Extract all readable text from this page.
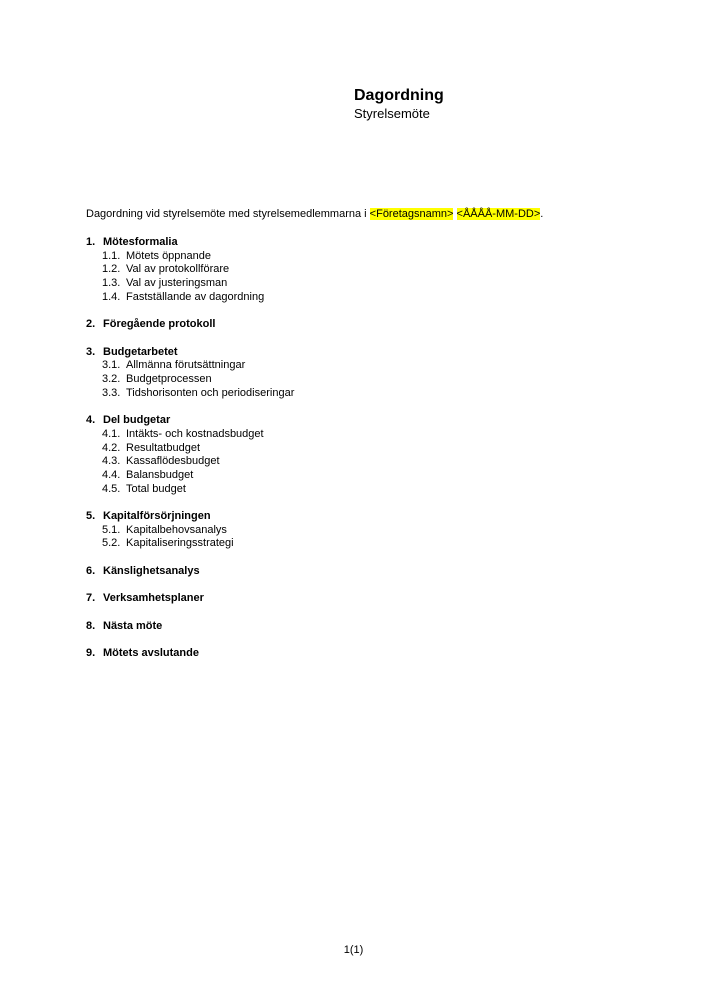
Dagordning
Styrelsemöte
Dagordning vid styrelsemöte med styrelsemedlemmarna i <Företagsnamn> <ÅÅÅÅ-MM-DD>.
1. Mötesformalia
1.1. Mötets öppnande
1.2. Val av protokollförare
1.3. Val av justeringsman
1.4. Fastställande av dagordning
2. Föregående protokoll
3. Budgetarbetet
3.1. Allmänna förutsättningar
3.2. Budgetprocessen
3.3. Tidshorisonten och periodiseringar
4. Del budgetar
4.1. Intäkts- och kostnadsbudget
4.2. Resultatbudget
4.3. Kassaflödesbudget
4.4. Balansbudget
4.5. Total budget
5. Kapitalförsörjningen
5.1. Kapitalbehovsanalys
5.2. Kapitaliseringsstrategi
6. Känslighetsanalys
7. Verksamhetsplaner
8. Nästa möte
9. Mötets avslutande
1(1)
